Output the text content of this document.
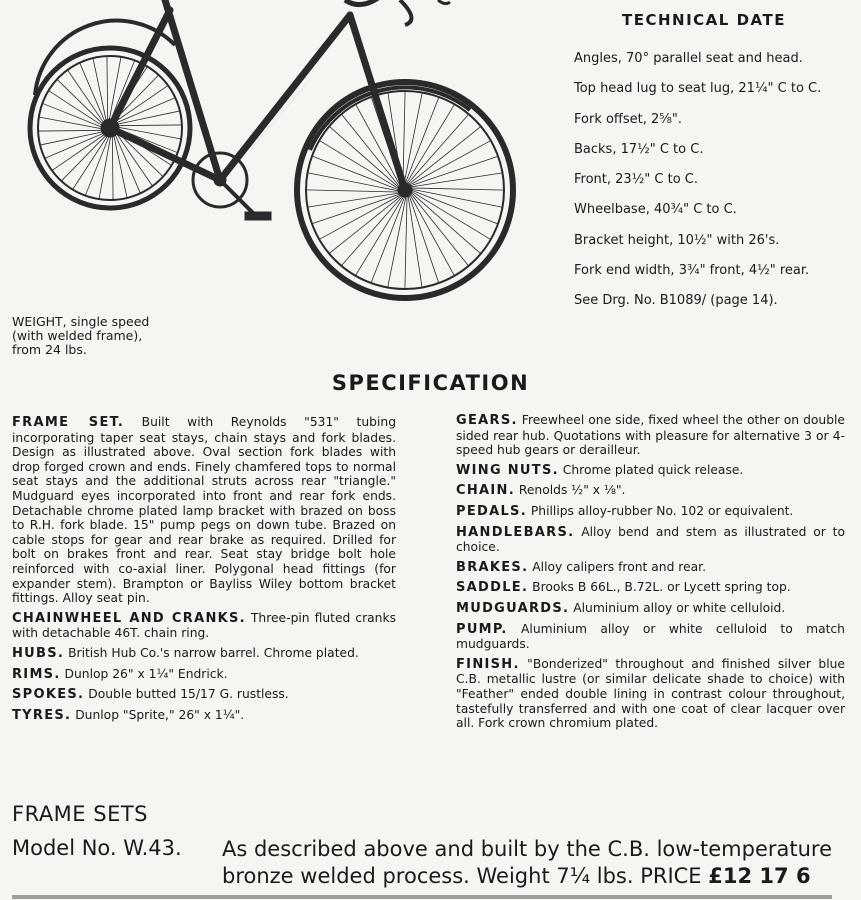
TECHNICAL DATE
Angles, 70° parallel seat and head.
Top head lug to seat lug, 21¼" C to C.
Fork offset, 2⅝".
Backs, 17½" C to C.
Front, 23½" C to C.
Wheelbase, 40¾" C to C.
Bracket height, 10½" with 26's.
Fork end width, 3¾" front, 4½" rear.
See Drg. No. B1089/ (page 14).
WEIGHT, single speed
(with welded frame),
from 24 lbs.
SPECIFICATION

FRAME SET. Built with Reynolds "531" tubing incorporating taper seat stays, chain stays and fork blades. Design as illustrated above. Oval section fork blades with drop forged crown and ends. Finely chamfered tops to normal seat stays and the additional struts across rear "triangle." Mudguard eyes incorporated into front and rear fork ends. Detachable chrome plated lamp bracket with brazed on boss to R.H. fork blade. 15" pump pegs on down tube. Brazed on cable stops for gear and rear brake as required. Drilled for bolt on brakes front and rear. Seat stay bridge bolt hole reinforced with co-axial liner. Polygonal head fittings (for expander stem). Brampton or Bayliss Wiley bottom bracket fittings. Alloy seat pin.

CHAINWHEEL AND CRANKS. Three-pin fluted cranks with detachable 46T. chain ring.

HUBS. British Hub Co.'s narrow barrel. Chrome plated.

RIMS. Dunlop 26" x 1¼" Endrick.

SPOKES. Double butted 15/17 G. rustless.

TYRES. Dunlop "Sprite," 26" x 1¼".

GEARS. Freewheel one side, fixed wheel the other on double sided rear hub. Quotations with pleasure for alternative 3 or 4-speed hub gears or derailleur.

WING NUTS. Chrome plated quick release.

CHAIN. Renolds ½" x ⅛".

PEDALS. Phillips alloy-rubber No. 102 or equivalent.

HANDLEBARS. Alloy bend and stem as illustrated or to choice.

BRAKES. Alloy calipers front and rear.

SADDLE. Brooks B 66L., B.72L. or Lycett spring top.

MUDGUARDS. Aluminium alloy or white celluloid.

PUMP. Aluminium alloy or white celluloid to match mudguards.

FINISH. "Bonderized" throughout and finished silver blue C.B. metallic lustre (or similar delicate shade to choice) with "Feather" ended double lining in contrast colour throughout, tastefully transferred and with one coat of clear lacquer over all. Fork crown chromium plated.

FRAME SETS
Model No. W.43. As described above and built by the C.B. low-temperature
bronze welded process. Weight 7¼ lbs. PRICE £12 17 6
